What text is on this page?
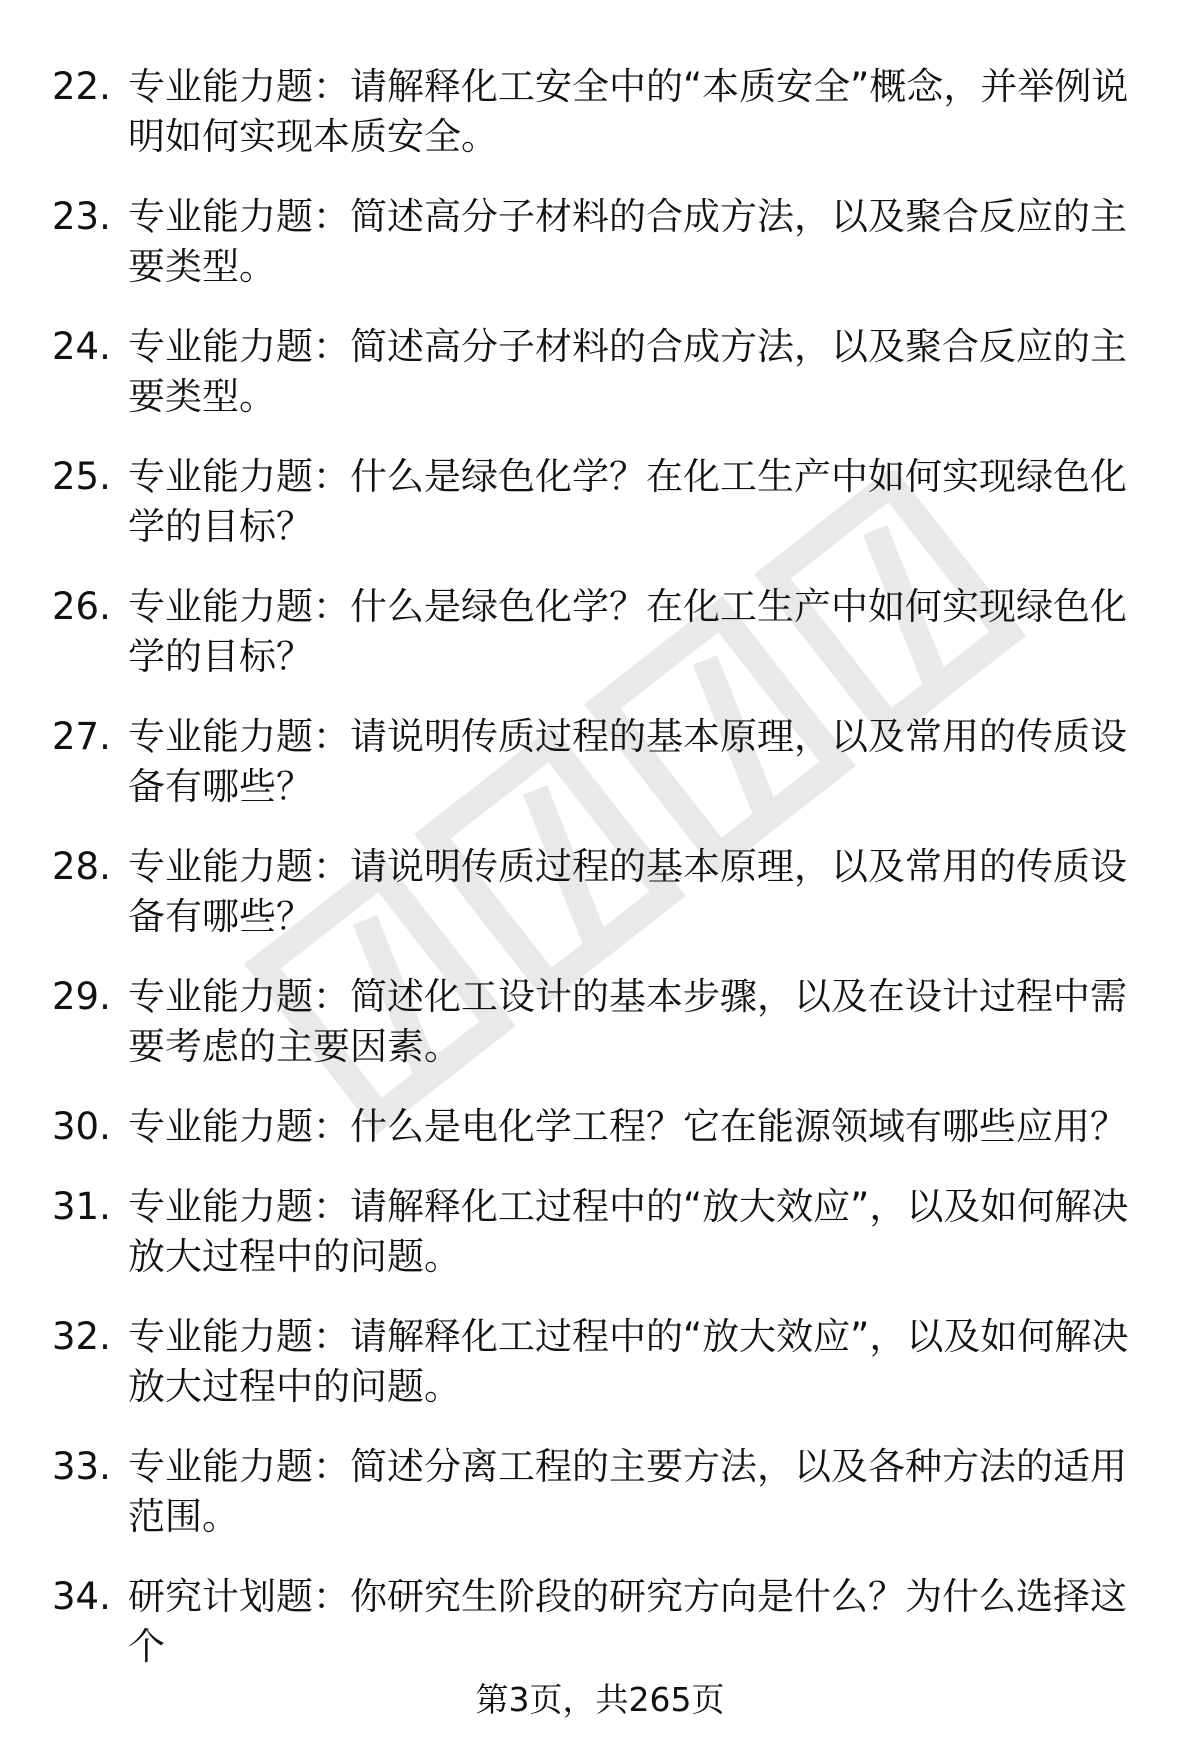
22. 专业能力题：请解释化工安全中的“本质安全”概念，并举例说明如何实现本质安全。
23. 专业能力题：简述高分子材料的合成方法，以及聚合反应的主要类型。
24. 专业能力题：简述高分子材料的合成方法，以及聚合反应的主要类型。
25. 专业能力题：什么是绿色化学？在化工生产中如何实现绿色化学的目标？
26. 专业能力题：什么是绿色化学？在化工生产中如何实现绿色化学的目标？
27. 专业能力题：请说明传质过程的基本原理，以及常用的传质设备有哪些？
28. 专业能力题：请说明传质过程的基本原理，以及常用的传质设备有哪些？
29. 专业能力题：简述化工设计的基本步骤，以及在设计过程中需要考虑的主要因素。
30. 专业能力题：什么是电化学工程？它在能源领域有哪些应用？
31. 专业能力题：请解释化工过程中的“放大效应”，以及如何解决放大过程中的问题。
32. 专业能力题：请解释化工过程中的“放大效应”，以及如何解决放大过程中的问题。
33. 专业能力题：简述分离工程的主要方法，以及各种方法的适用范围。
34. 研究计划题：你研究生阶段的研究方向是什么？为什么选择这个
第3页，共265页
